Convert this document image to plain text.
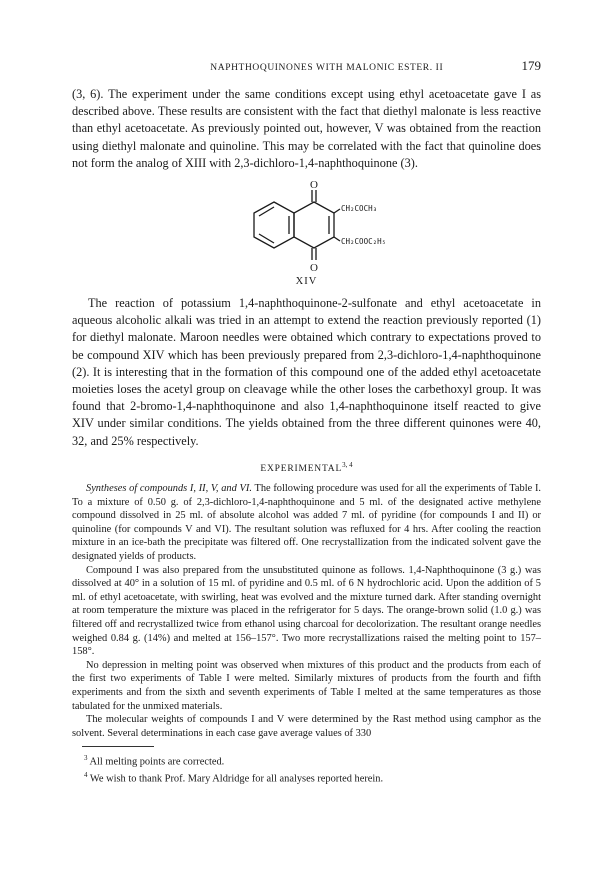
NAPHTHOQUINONES WITH MALONIC ESTER. II	179

(3, 6). The experiment under the same conditions except using ethyl acetoacetate gave I as described above. These results are consistent with the fact that diethyl malonate is less reactive than ethyl acetoacetate. As previously pointed out, however, V was obtained from the reaction using diethyl malonate and quinoline. This may be correlated with the fact that quinoline does not form the analog of XIII with 2,3-dichloro-1,4-naphthoquinone (3).

O
O
CH₂COCH₃
CH₂COOC₂H₅

XIV

The reaction of potassium 1,4-naphthoquinone-2-sulfonate and ethyl acetoacetate in aqueous alcoholic alkali was tried in an attempt to extend the reaction previously reported (1) for diethyl malonate. Maroon needles were obtained which contrary to expectations proved to be compound XIV which has been previously prepared from 2,3-dichloro-1,4-naphthoquinone (2). It is interesting that in the formation of this compound one of the added ethyl acetoacetate moieties loses the acetyl group on cleavage while the other loses the carbethoxyl group. It was found that 2-bromo-1,4-naphthoquinone and also 1,4-naphthoquinone itself reacted to give XIV under similar conditions. The yields obtained from the three different quinones were 40, 32, and 25% respectively.

EXPERIMENTAL$^{3, 4}$

Syntheses of compounds I, II, V, and VI. The following procedure was used for all the experiments of Table I. To a mixture of 0.50 g. of 2,3-dichloro-1,4-naphthoquinone and 5 ml. of the designated active methylene compound dissolved in 25 ml. of absolute alcohol was added 7 ml. of pyridine (for compounds I and II) or quinoline (for compounds V and VI). The resultant solution was refluxed for 4 hrs. After cooling the reaction mixture in an ice-bath the precipitate was filtered off. One recrystallization from the indicated solvent gave the designated yields of products.

Compound I was also prepared from the unsubstituted quinone as follows. 1,4-Naphthoquinone (3 g.) was dissolved at 40° in a solution of 15 ml. of pyridine and 0.5 ml. of 6 N hydrochloric acid. Upon the addition of 5 ml. of ethyl acetoacetate, with swirling, heat was evolved and the mixture turned dark. After standing overnight at room temperature the mixture was placed in the refrigerator for 5 days. The orange-brown solid (1.0 g.) was filtered off and recrystallized twice from ethanol using charcoal for decolorization. The resultant orange needles weighed 0.84 g. (14%) and melted at 156–157°. Two more recrystallizations raised the melting point to 157–158°.

No depression in melting point was observed when mixtures of this product and the products from each of the first two experiments of Table I were melted. Similarly mixtures of products from the fourth and fifth experiments and from the sixth and seventh experiments of Table I melted at the same temperatures as those tabulated for the unmixed materials.

The molecular weights of compounds I and V were determined by the Rast method using camphor as the solvent. Several determinations in each case gave average values of 330

$^3$ All melting points are corrected.
$^4$ We wish to thank Prof. Mary Aldridge for all analyses reported herein.
